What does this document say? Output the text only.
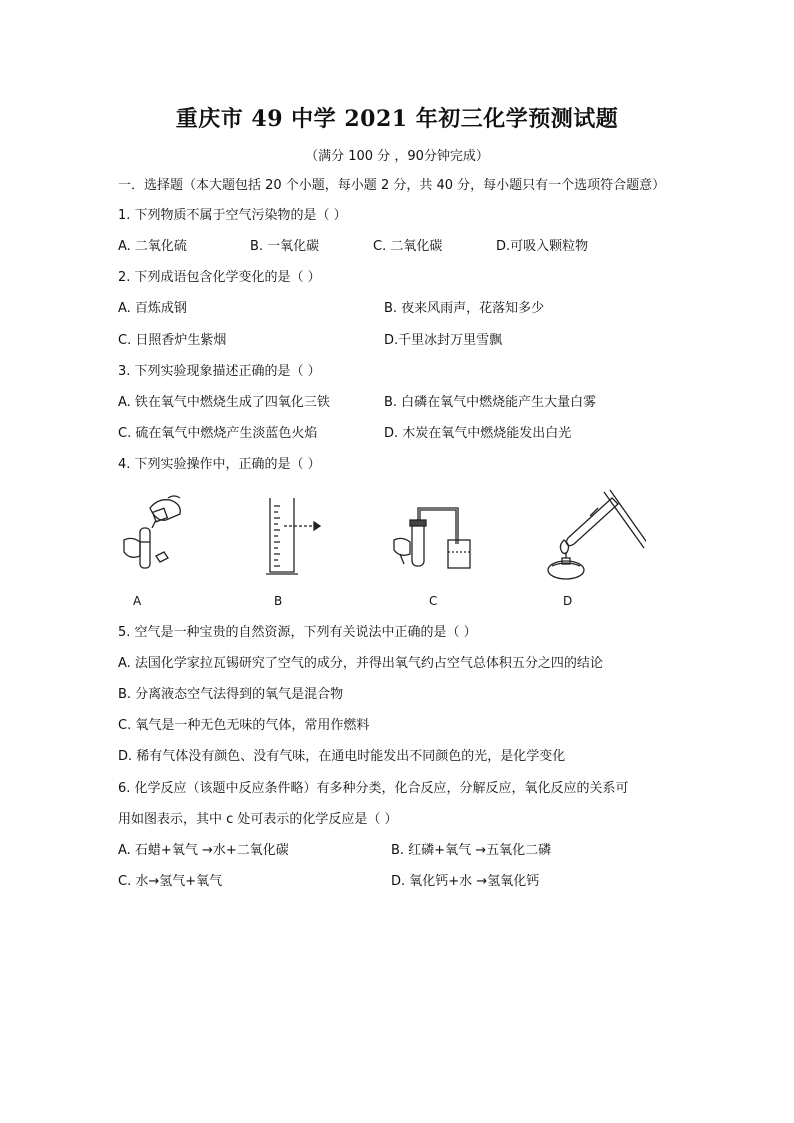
重庆市 49 中学 2021 年初三化学预测试题
（满分 100 分 ，90分钟完成）
一．选择题（本大题包括 20 个小题，每小题 2 分，共 40 分，每小题只有一个选项符合题意）
1. 下列物质不属于空气污染物的是（ ）
A. 二氧化硫	B. 一氧化碳	C. 二氧化碳	D.可吸入颗粒物
2. 下列成语包含化学变化的是（ ）
A. 百炼成钢	B. 夜来风雨声，花落知多少
C. 日照香炉生紫烟	D.千里冰封万里雪飘
3. 下列实验现象描述正确的是（ ）
A. 铁在氧气中燃烧生成了四氧化三铁	B. 白磷在氧气中燃烧能产生大量白雾
C. 硫在氧气中燃烧产生淡蓝色火焰	D. 木炭在氧气中燃烧能发出白光
4. 下列实验操作中，正确的是（ ）
A	B	C	D
5. 空气是一种宝贵的自然资源，下列有关说法中正确的是（ ）
A. 法国化学家拉瓦锡研究了空气的成分，并得出氧气约占空气总体积五分之四的结论
B. 分离液态空气法得到的氧气是混合物
C. 氧气是一种无色无味的气体，常用作燃料
D. 稀有气体没有颜色、没有气味，在通电时能发出不同颜色的光，是化学变化
6. 化学反应（该题中反应条件略）有多种分类，化合反应，分解反应，氧化反应的关系可
用如图表示，其中 c 处可表示的化学反应是（ ）
A. 石蜡+氧气 →水+二氧化碳	B. 红磷+氧气 →五氧化二磷
C. 水→氢气+氧气	D. 氧化钙+水 →氢氧化钙
